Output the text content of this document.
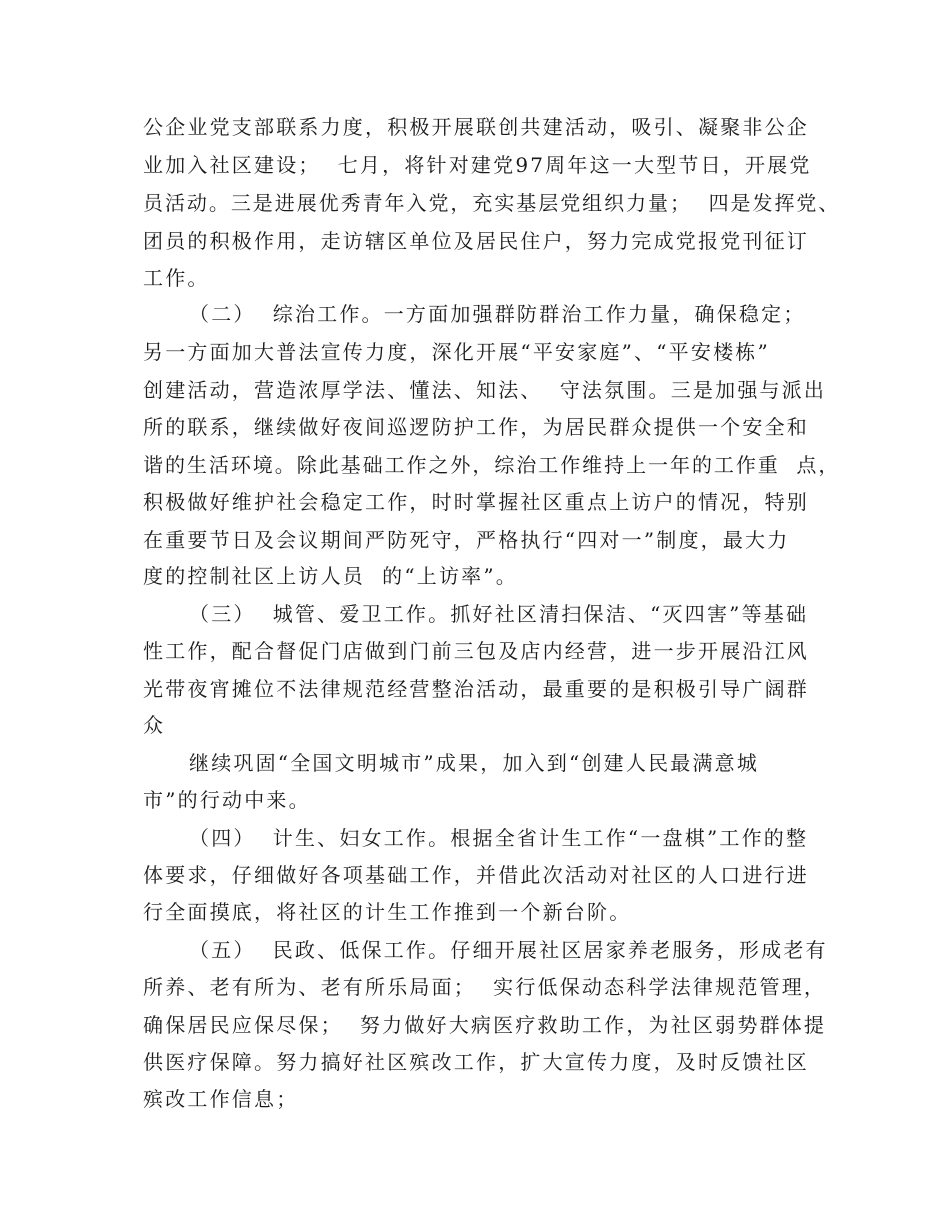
公企业党支部联系力度，积极开展联创共建活动，吸引、凝聚非公企
业加入社区建设；  七月，将针对建党97周年这一大型节日，开展党
员活动。三是进展优秀青年入党，充实基层党组织力量；  四是发挥党、
团员的积极作用，走访辖区单位及居民住户，努力完成党报党刊征订
工作。
（二）  综治工作。一方面加强群防群治工作力量，确保稳定；
另一方面加大普法宣传力度，深化开展“平安家庭”、“平安楼栋”
创建活动，营造浓厚学法、懂法、知法、  守法氛围。三是加强与派出
所的联系，继续做好夜间巡逻防护工作，为居民群众提供一个安全和
谐的生活环境。除此基础工作之外，综治工作维持上一年的工作重  点，
积极做好维护社会稳定工作，时时掌握社区重点上访户的情况，特别
在重要节日及会议期间严防死守，严格执行“四对一”制度，最大力
度的控制社区上访人员  的“上访率”。
（三）  城管、爱卫工作。抓好社区清扫保洁、“灭四害”等基础
性工作，配合督促门店做到门前三包及店内经营，进一步开展沿江风
光带夜宵摊位不法律规范经营整治活动，最重要的是积极引导广阔群
众
继续巩固“全国文明城市”成果，加入到“创建人民最满意城
市”的行动中来。
（四）  计生、妇女工作。根据全省计生工作“一盘棋”工作的整
体要求，仔细做好各项基础工作，并借此次活动对社区的人口进行进
行全面摸底，将社区的计生工作推到一个新台阶。
（五）  民政、低保工作。仔细开展社区居家养老服务，形成老有
所养、老有所为、老有所乐局面；  实行低保动态科学法律规范管理，
确保居民应保尽保；  努力做好大病医疗救助工作，为社区弱势群体提
供医疗保障。努力搞好社区殡改工作，扩大宣传力度，及时反馈社区
殡改工作信息；
